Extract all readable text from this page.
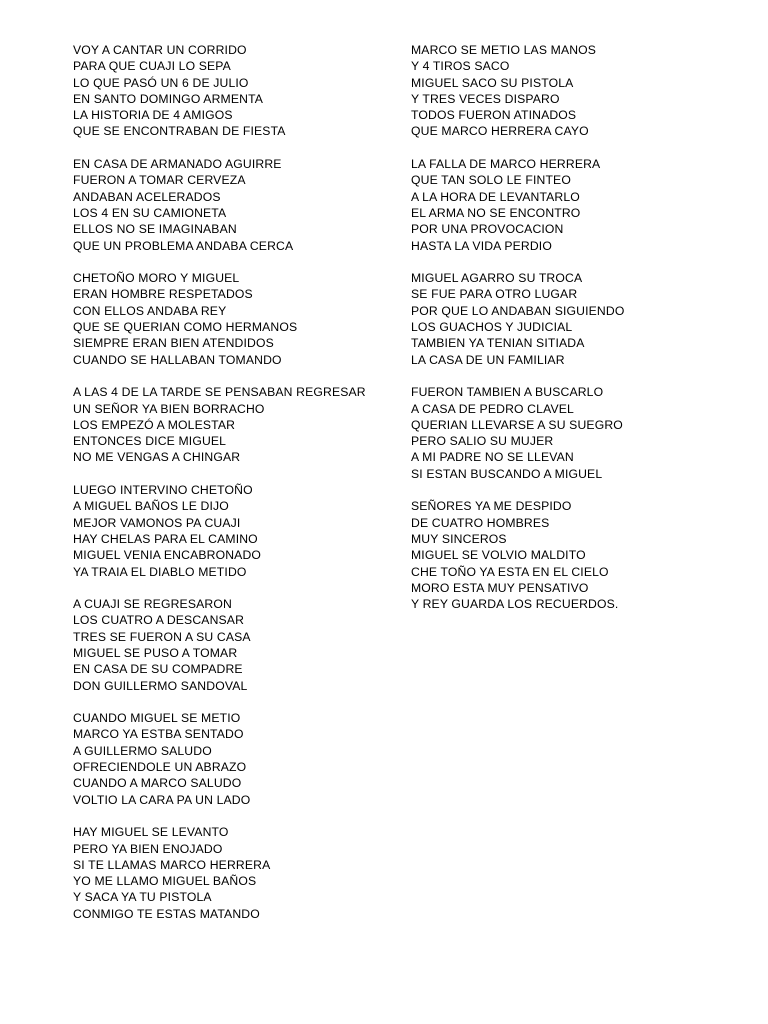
VOY A CANTAR UN CORRIDO
PARA QUE CUAJI LO SEPA
LO QUE PASÓ UN 6 DE JULIO
EN SANTO DOMINGO ARMENTA
LA HISTORIA DE 4 AMIGOS
QUE SE ENCONTRABAN DE FIESTA
EN CASA DE ARMANADO AGUIRRE
FUERON A TOMAR CERVEZA
ANDABAN ACELERADOS
LOS 4 EN SU CAMIONETA
ELLOS NO SE IMAGINABAN
QUE UN PROBLEMA ANDABA CERCA
CHETOÑO MORO Y MIGUEL
ERAN HOMBRE RESPETADOS
CON ELLOS ANDABA REY
QUE SE QUERIAN COMO HERMANOS
SIEMPRE ERAN BIEN ATENDIDOS
CUANDO SE HALLABAN TOMANDO
A LAS 4 DE LA TARDE SE PENSABAN REGRESAR
UN SEÑOR YA BIEN BORRACHO
LOS EMPEZÓ A MOLESTAR
ENTONCES DICE MIGUEL
NO ME VENGAS A CHINGAR
LUEGO INTERVINO CHETOÑO
A MIGUEL BAÑOS LE DIJO
MEJOR VAMONOS PA CUAJI
HAY CHELAS PARA EL CAMINO
MIGUEL VENIA ENCABRONADO
YA TRAIA EL DIABLO METIDO
A CUAJI SE REGRESARON
LOS CUATRO A DESCANSAR
TRES SE FUERON A SU CASA
MIGUEL SE PUSO A TOMAR
EN CASA DE SU COMPADRE
DON GUILLERMO SANDOVAL
CUANDO MIGUEL SE METIO
MARCO YA ESTBA SENTADO
A GUILLERMO SALUDO
OFRECIENDOLE UN ABRAZO
CUANDO A MARCO SALUDO
VOLTIO LA CARA PA UN LADO
HAY MIGUEL SE LEVANTO
PERO YA BIEN ENOJADO
SI TE LLAMAS MARCO HERRERA
YO ME LLAMO MIGUEL BAÑOS
Y SACA YA TU PISTOLA
CONMIGO TE ESTAS MATANDO
MARCO SE METIO LAS MANOS
Y 4 TIROS SACO
MIGUEL SACO SU PISTOLA
Y TRES VECES DISPARO
TODOS FUERON ATINADOS
QUE MARCO HERRERA CAYO
LA FALLA DE MARCO HERRERA
QUE TAN SOLO LE FINTEO
A LA HORA DE LEVANTARLO
EL ARMA NO SE ENCONTRO
POR UNA PROVOCACION
HASTA LA VIDA PERDIO
MIGUEL AGARRO SU TROCA
SE FUE PARA OTRO LUGAR
POR QUE LO ANDABAN SIGUIENDO
LOS GUACHOS Y JUDICIAL
TAMBIEN YA TENIAN SITIADA
LA CASA DE UN FAMILIAR
FUERON TAMBIEN A BUSCARLO
A CASA DE PEDRO CLAVEL
QUERIAN LLEVARSE A SU SUEGRO
PERO SALIO SU MUJER
A MI PADRE NO SE LLEVAN
SI ESTAN BUSCANDO A MIGUEL
SEÑORES YA ME DESPIDO
DE CUATRO HOMBRES
MUY SINCEROS
MIGUEL SE VOLVIO MALDITO
CHE TOÑO YA ESTA EN EL CIELO
MORO ESTA MUY PENSATIVO
Y REY GUARDA LOS RECUERDOS.
